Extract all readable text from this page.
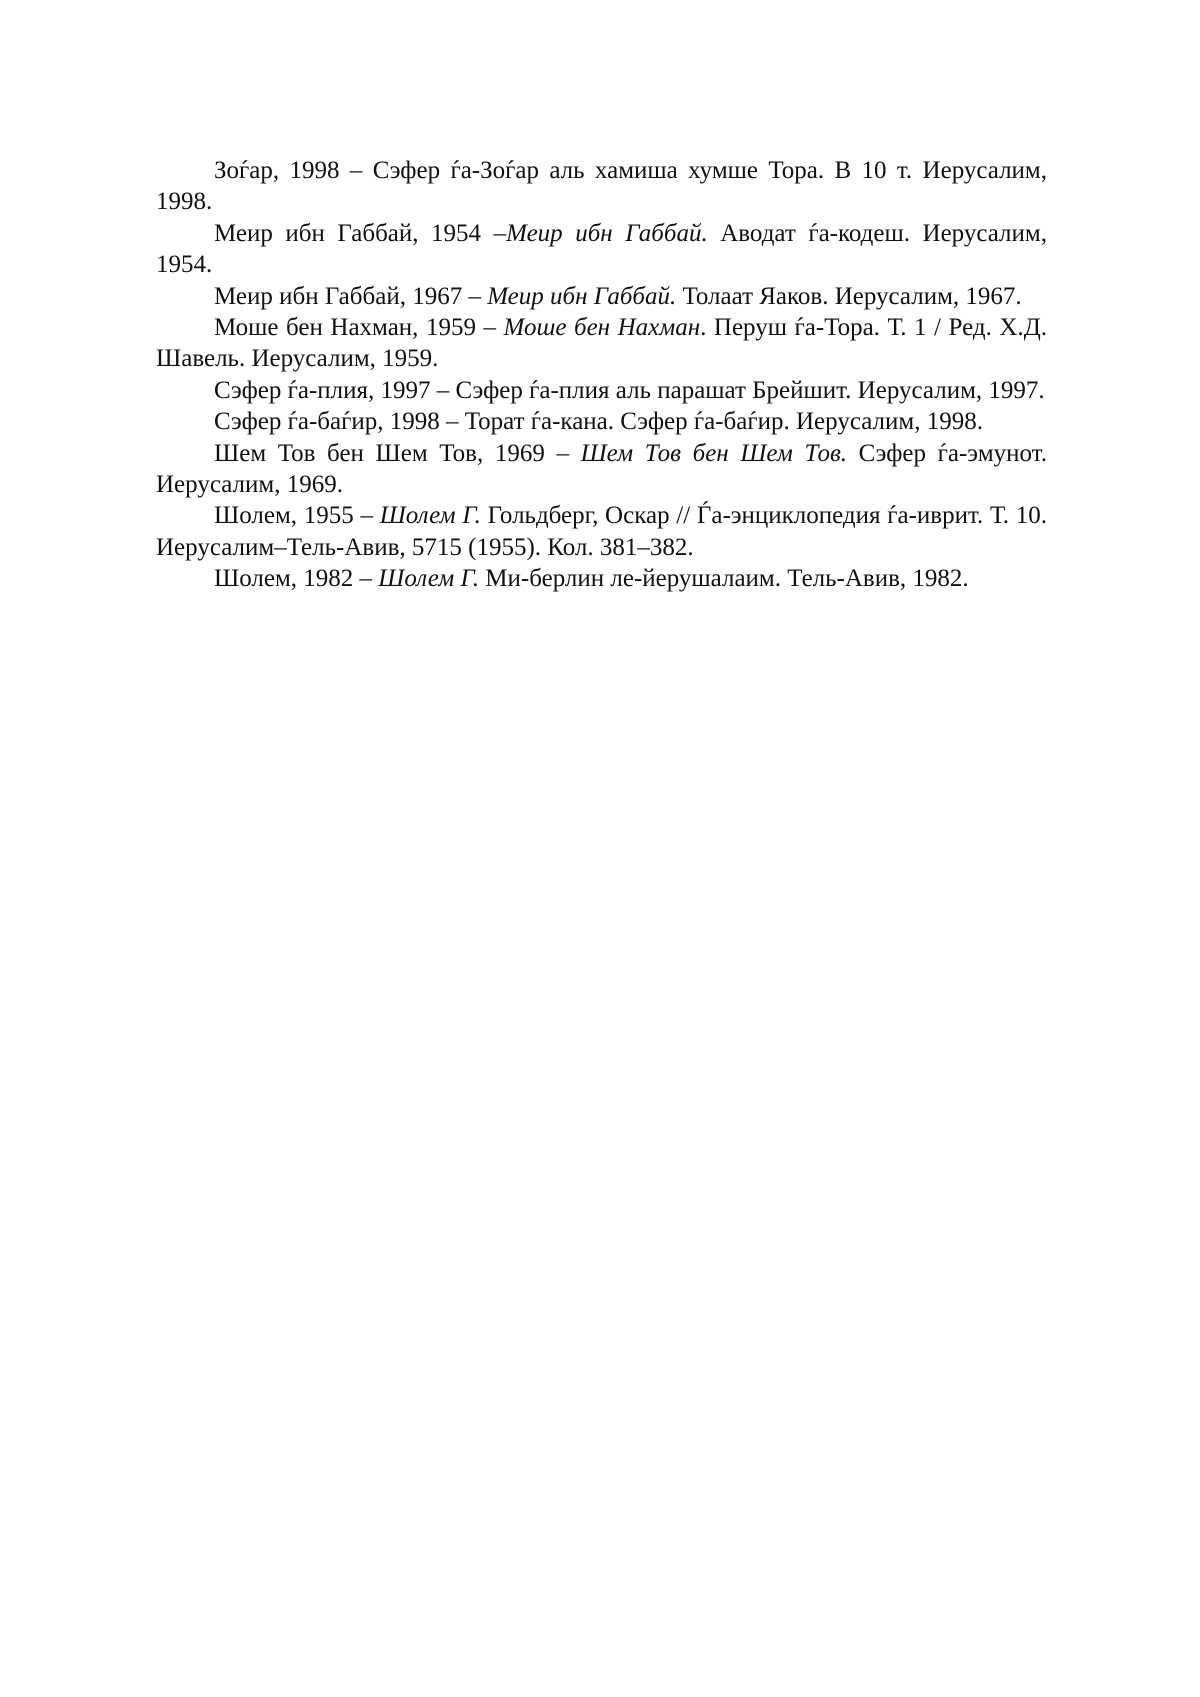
Зоѓар, 1998 – Сэфер ѓа-Зоѓар аль хамиша хумше Тора. В 10 т. Иерусалим, 1998.

Меир ибн Габбай, 1954 –Меир ибн Габбай. Аводат ѓа-кодеш. Иерусалим, 1954.

Меир ибн Габбай, 1967 – Меир ибн Габбай. Толаат Яаков. Иерусалим, 1967.

Моше бен Нахман, 1959 – Моше бен Нахман. Перуш ѓа-Тора. Т. 1 / Ред. Х.Д. Шавель. Иерусалим, 1959.

Сэфер ѓа-плия, 1997 – Сэфер ѓа-плия аль парашат Брейшит. Иерусалим, 1997.

Сэфер ѓа-баѓир, 1998 – Торат ѓа-кана. Сэфер ѓа-баѓир. Иерусалим, 1998.

Шем Тов бен Шем Тов, 1969 – Шем Тов бен Шем Тов. Сэфер ѓа-эмунот. Иерусалим, 1969.

Шолем, 1955 – Шолем Г. Гольдберг, Оскар // Ѓа-энциклопедия ѓа-иврит. Т. 10. Иерусалим–Тель-Авив, 5715 (1955). Кол. 381–382.

Шолем, 1982 – Шолем Г. Ми-берлин ле-йерушалаим. Тель-Авив, 1982.
